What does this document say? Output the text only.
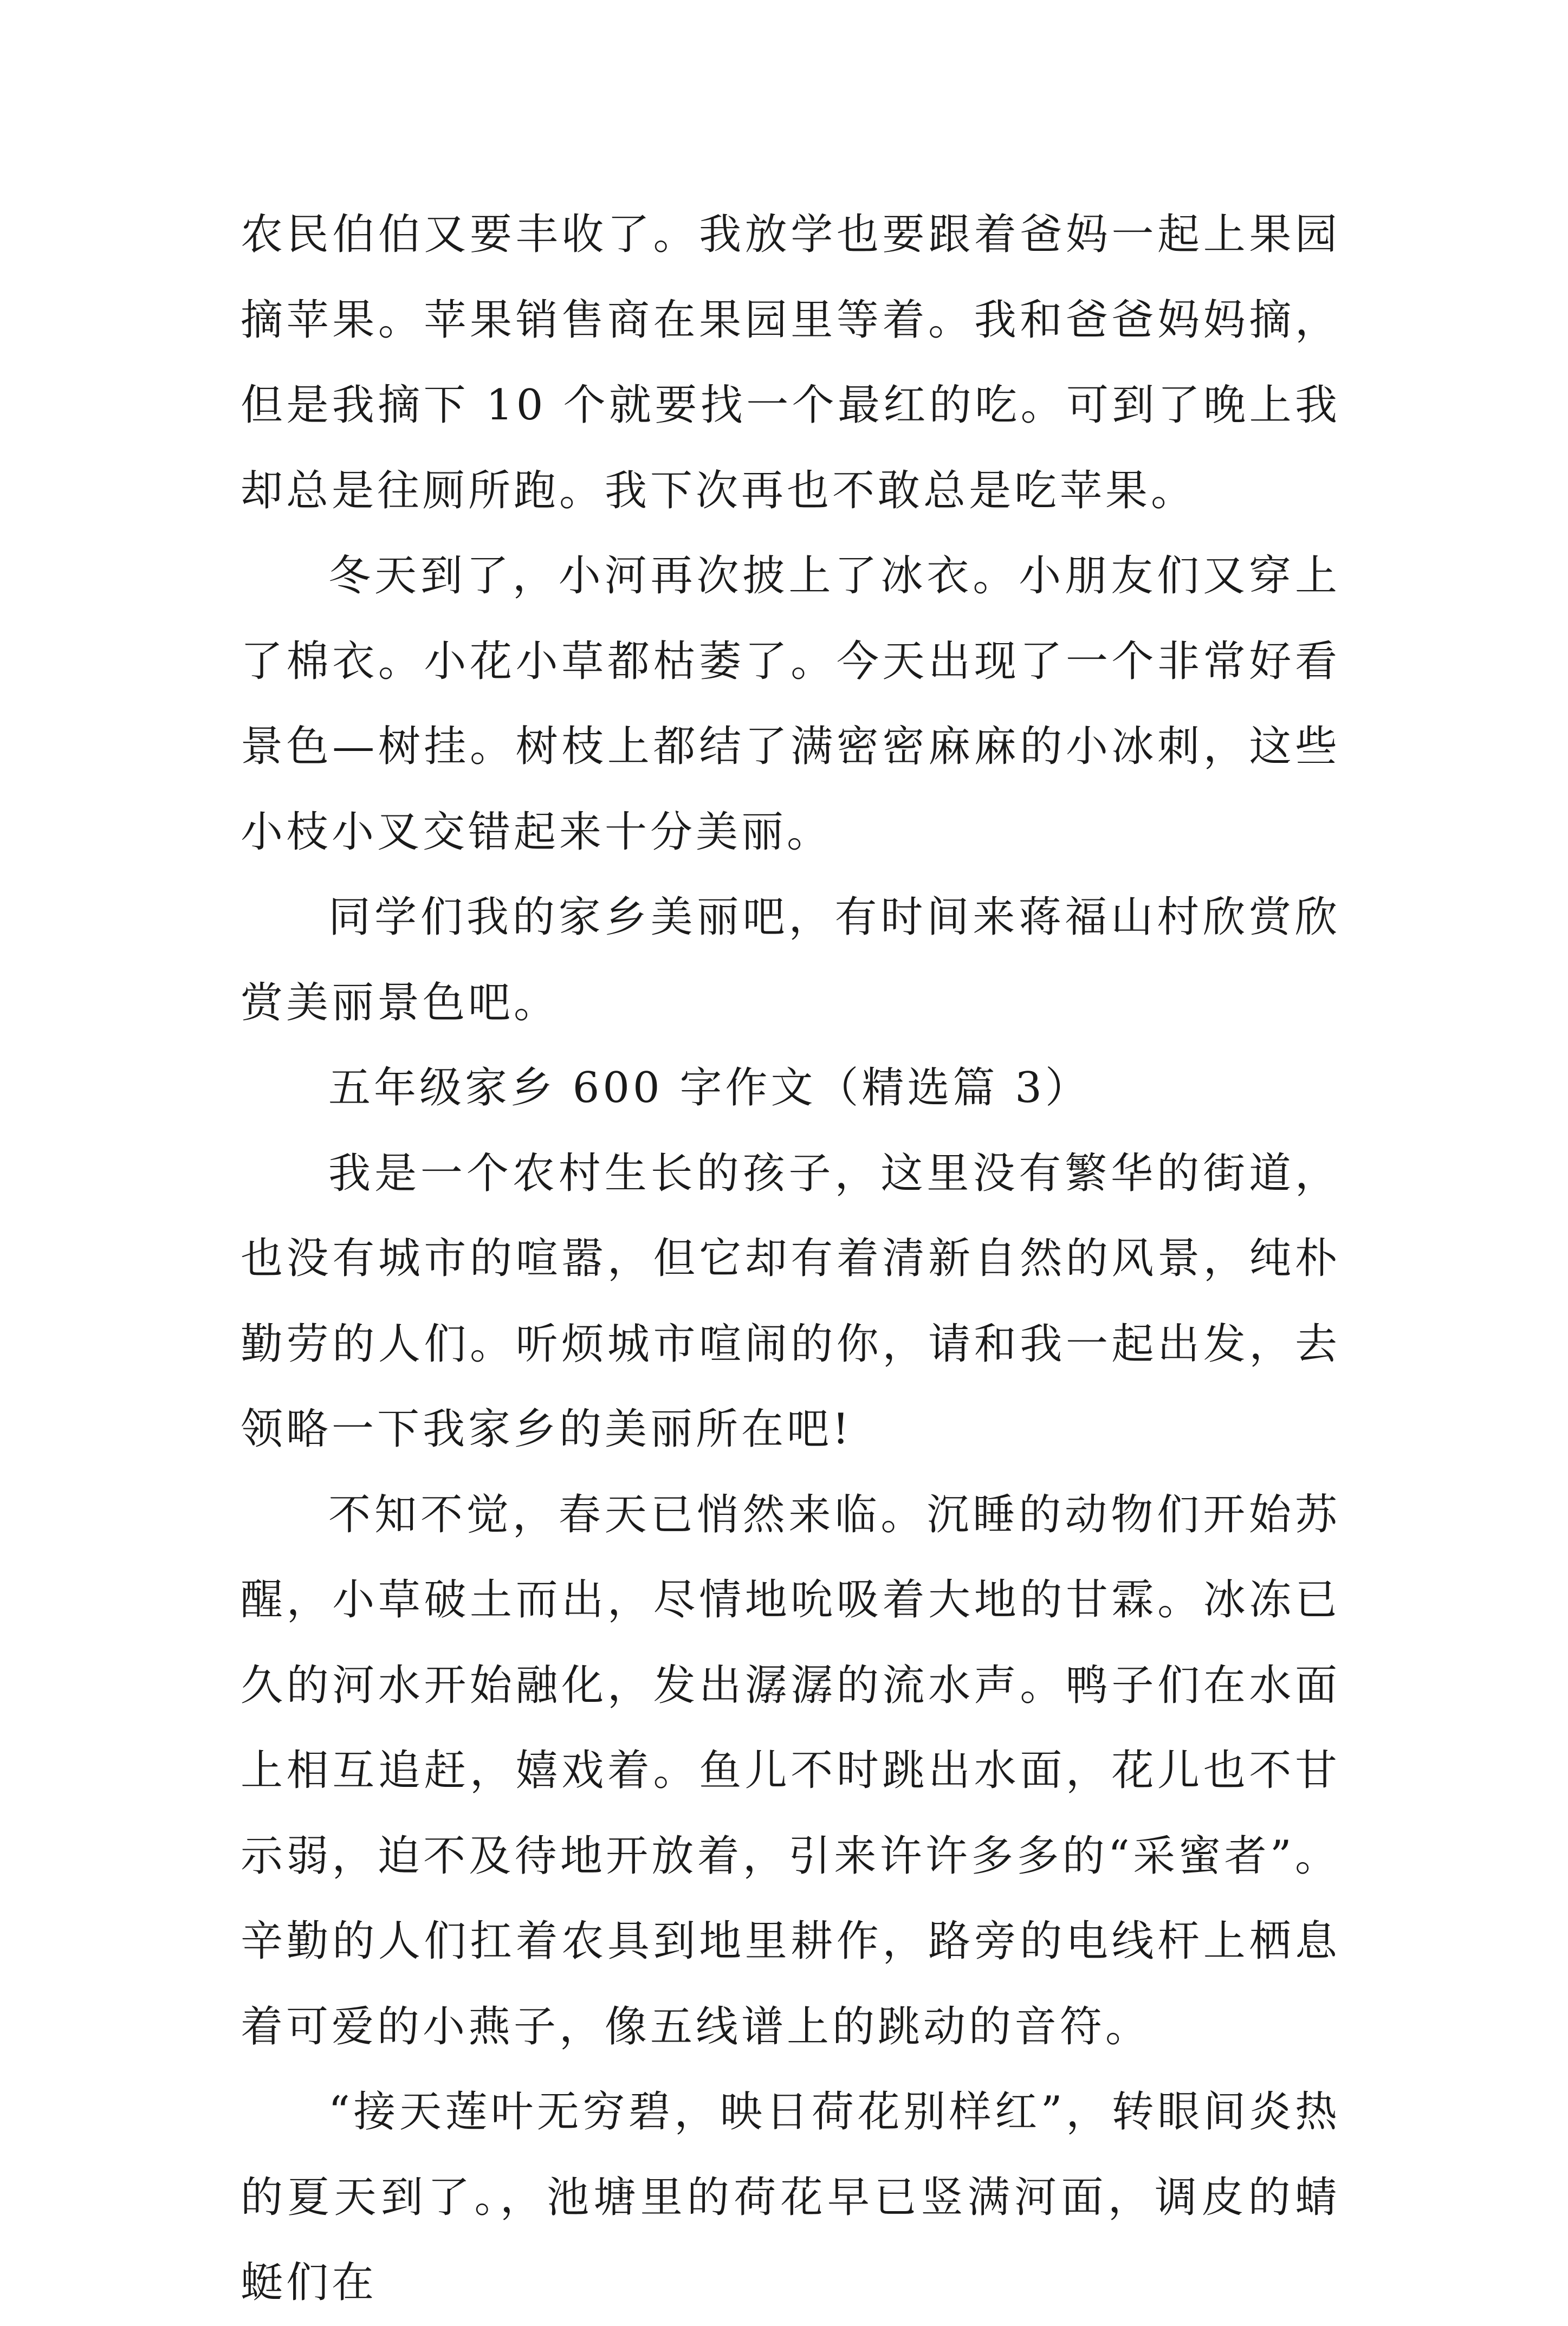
农民伯伯又要丰收了。我放学也要跟着爸妈一起上果园摘苹果。苹果销售商在果园里等着。我和爸爸妈妈摘，但是我摘下 10 个就要找一个最红的吃。可到了晚上我却总是往厕所跑。我下次再也不敢总是吃苹果。

冬天到了，小河再次披上了冰衣。小朋友们又穿上了棉衣。小花小草都枯萎了。今天出现了一个非常好看景色—树挂。树枝上都结了满密密麻麻的小冰刺，这些小枝小叉交错起来十分美丽。

同学们我的家乡美丽吧，有时间来蒋福山村欣赏欣赏美丽景色吧。

五年级家乡 600 字作文（精选篇 3）

我是一个农村生长的孩子，这里没有繁华的街道，也没有城市的喧嚣，但它却有着清新自然的风景，纯朴勤劳的人们。听烦城市喧闹的你，请和我一起出发，去领略一下我家乡的美丽所在吧!

不知不觉，春天已悄然来临。沉睡的动物们开始苏醒，小草破土而出，尽情地吮吸着大地的甘霖。冰冻已久的河水开始融化，发出潺潺的流水声。鸭子们在水面上相互追赶，嬉戏着。鱼儿不时跳出水面，花儿也不甘示弱，迫不及待地开放着，引来许许多多的“采蜜者”。辛勤的人们扛着农具到地里耕作，路旁的电线杆上栖息着可爱的小燕子，像五线谱上的跳动的音符。

“接天莲叶无穷碧，映日荷花别样红”，转眼间炎热的夏天到了。，池塘里的荷花早已竖满河面，调皮的蜻蜓们在
